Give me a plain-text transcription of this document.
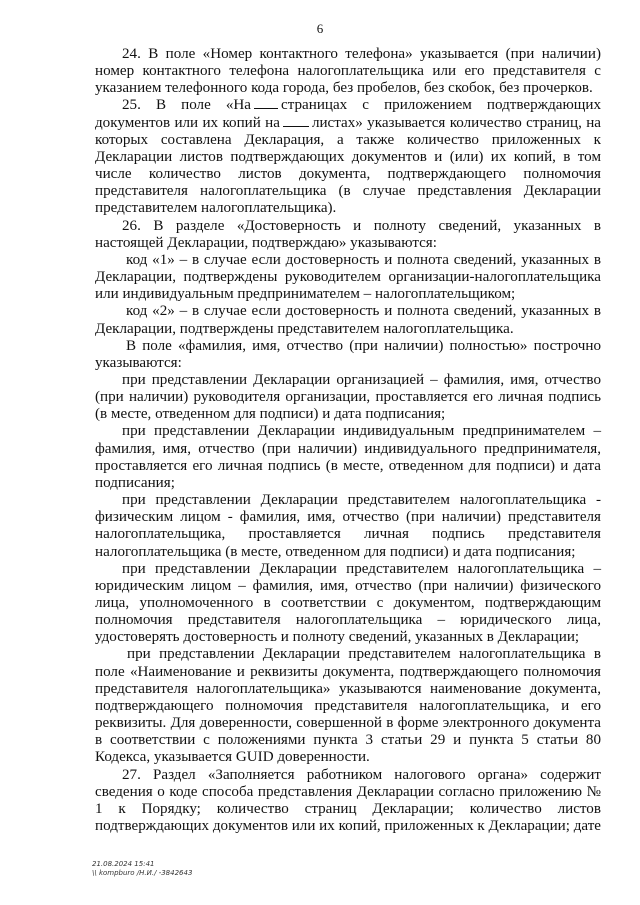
6

24. В поле «Номер контактного телефона» указывается (при наличии) номер контактного телефона налогоплательщика или его представителя с указанием телефонного кода города, без пробелов, без скобок, без прочерков.

25. В поле «На страницах с приложением подтверждающих документов или их копий на листах» указывается количество страниц, на которых составлена Декларация, а также количество приложенных к Декларации листов подтверждающих документов и (или) их копий, в том числе количество листов документа, подтверждающего полномочия представителя налогоплательщика (в случае представления Декларации представителем налогоплательщика).

26. В разделе «Достоверность и полноту сведений, указанных в настоящей Декларации, подтверждаю» указываются:

код «1» – в случае если достоверность и полнота сведений, указанных в Декларации, подтверждены руководителем организации-налогоплательщика или индивидуальным предпринимателем – налогоплательщиком;

код «2» – в случае если достоверность и полнота сведений, указанных в Декларации, подтверждены представителем налогоплательщика.

В поле «фамилия, имя, отчество (при наличии) полностью» построчно указываются:

при представлении Декларации организацией – фамилия, имя, отчество (при наличии) руководителя организации, проставляется его личная подпись (в месте, отведенном для подписи) и дата подписания;

при представлении Декларации индивидуальным предпринимателем – фамилия, имя, отчество (при наличии) индивидуального предпринимателя, проставляется его личная подпись (в месте, отведенном для подписи) и дата подписания;

при представлении Декларации представителем налогоплательщика - физическим лицом - фамилия, имя, отчество (при наличии) представителя налогоплательщика, проставляется личная подпись представителя налогоплательщика (в месте, отведенном для подписи) и дата подписания;

при представлении Декларации представителем налогоплательщика – юридическим лицом – фамилия, имя, отчество (при наличии) физического лица, уполномоченного в соответствии с документом, подтверждающим полномочия представителя налогоплательщика – юридического лица, удостоверять достоверность и полноту сведений, указанных в Декларации;

при представлении Декларации представителем налогоплательщика в поле «Наименование и реквизиты документа, подтверждающего полномочия представителя налогоплательщика» указываются наименование документа, подтверждающего полномочия представителя налогоплательщика, и его реквизиты. Для доверенности, совершенной в форме электронного документа в соответствии с положениями пункта 3 статьи 29 и пункта 5 статьи 80 Кодекса, указывается GUID доверенности.

27. Раздел «Заполняется работником налогового органа» содержит сведения о коде способа представления Декларации согласно приложению № 1 к Порядку; количество страниц Декларации; количество листов подтверждающих документов или их копий, приложенных к Декларации; дате

21.08.2024 15:41
\\ kompburo /Н.И./ -3842643
